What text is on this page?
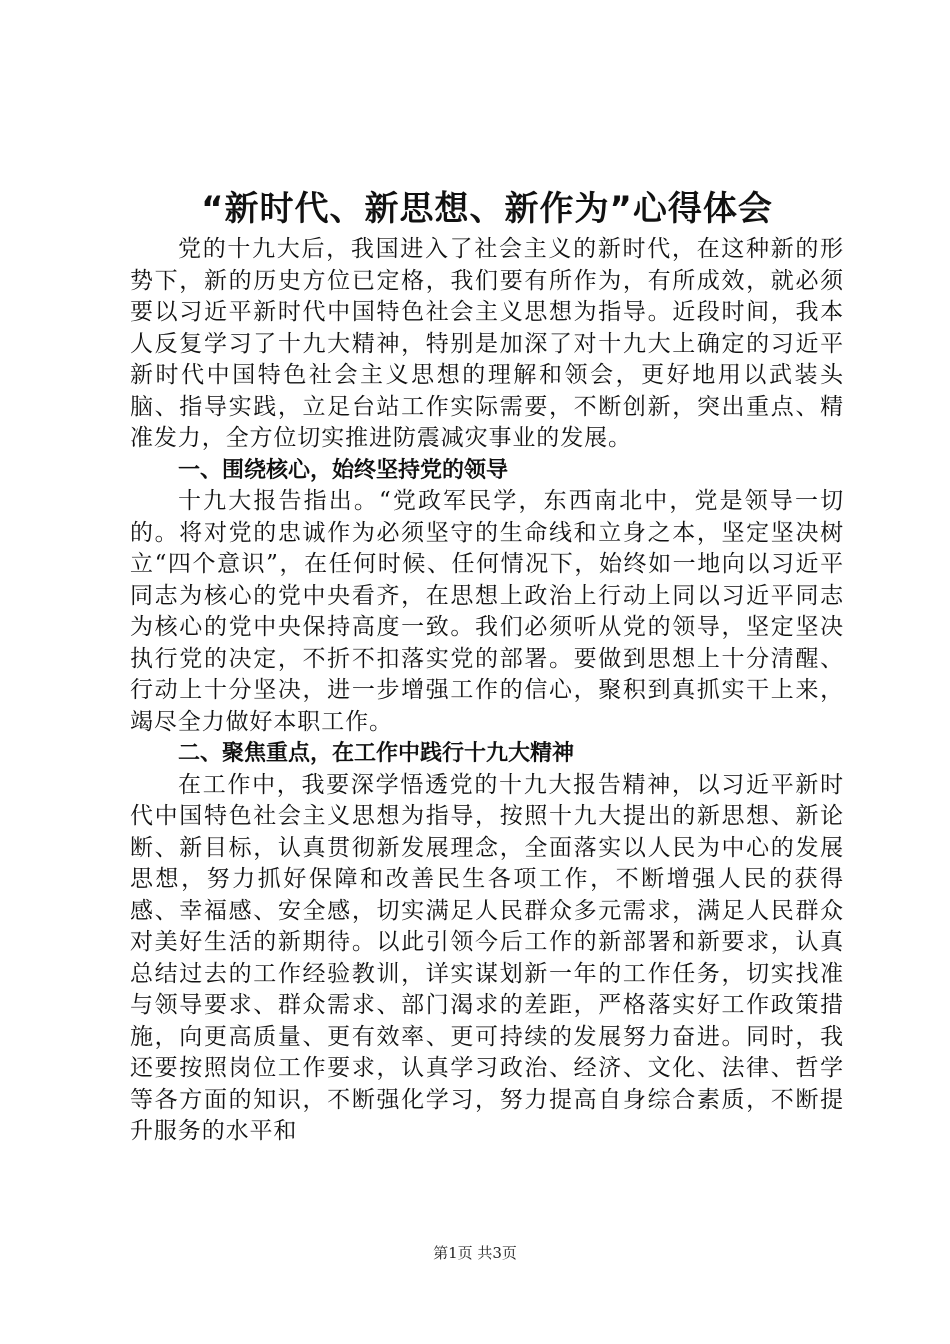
“新时代、新思想、新作为”心得体会

党的十九大后，我国进入了社会主义的新时代，在这种新的形势下，新的历史方位已定格，我们要有所作为，有所成效，就必须要以习近平新时代中国特色社会主义思想为指导。近段时间，我本人反复学习了十九大精神，特别是加深了对十九大上确定的习近平新时代中国特色社会主义思想的理解和领会，更好地用以武装头脑、指导实践，立足台站工作实际需要，不断创新，突出重点、精准发力，全方位切实推进防震减灾事业的发展。

一、围绕核心，始终坚持党的领导

十九大报告指出。“党政军民学，东西南北中，党是领导一切的。将对党的忠诚作为必须坚守的生命线和立身之本，坚定坚决树立“四个意识”，在任何时候、任何情况下，始终如一地向以习近平同志为核心的党中央看齐，在思想上政治上行动上同以习近平同志为核心的党中央保持高度一致。我们必须听从党的领导，坚定坚决执行党的决定，不折不扣落实党的部署。要做到思想上十分清醒、行动上十分坚决，进一步增强工作的信心，聚积到真抓实干上来，竭尽全力做好本职工作。

二、聚焦重点，在工作中践行十九大精神

在工作中，我要深学悟透党的十九大报告精神，以习近平新时代中国特色社会主义思想为指导，按照十九大提出的新思想、新论断、新目标，认真贯彻新发展理念，全面落实以人民为中心的发展思想，努力抓好保障和改善民生各项工作，不断增强人民的获得感、幸福感、安全感，切实满足人民群众多元需求，满足人民群众对美好生活的新期待。以此引领今后工作的新部署和新要求，认真总结过去的工作经验教训，详实谋划新一年的工作任务，切实找准与领导要求、群众需求、部门渴求的差距，严格落实好工作政策措施，向更高质量、更有效率、更可持续的发展努力奋进。同时，我还要按照岗位工作要求，认真学习政治、经济、文化、法律、哲学等各方面的知识，不断强化学习，努力提高自身综合素质，不断提升服务的水平和

第1页 共3页
